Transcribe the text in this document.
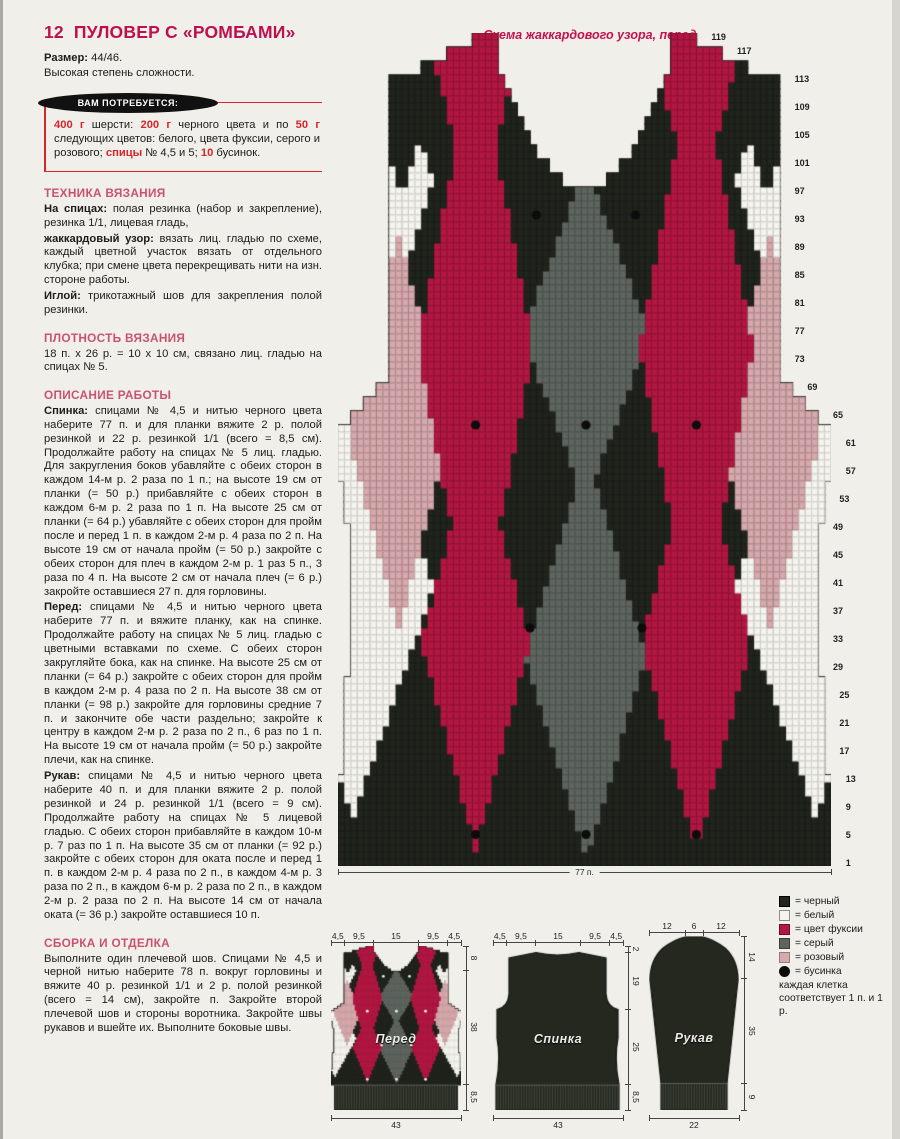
12 ПУЛОВЕР С «РОМБАМИ»

Размер: 44/46.

Высокая степень сложности.

ВАМ ПОТРЕБУЕТСЯ:

400 г шерсти: 200 г черного цвета и по 50 г следующих цветов: белого, цвета фуксии, серого и розового; спицы № 4,5 и 5; 10 бусинок.

ТЕХНИКА ВЯЗАНИЯ

На спицах: полая резинка (набор и закрепление), резинка 1/1, лицевая гладь,

жаккардовый узор: вязать лиц. гладью по схеме, каждый цветной участок вязать от отдельного клубка; при смене цвета перекрещивать нити на изн. стороне работы.

Иглой: трикотажный шов для закрепления полой резинки.

ПЛОТНОСТЬ ВЯЗАНИЯ

18 п. х 26 р. = 10 х 10 см, связано лиц. гладью на спицах № 5.

ОПИСАНИЕ РАБОТЫ

Спинка: спицами № 4,5 и нитью черного цвета наберите 77 п. и для планки вяжите 2 р. полой резинкой и 22 р. резинкой 1/1 (всего = 8,5 см). Продолжайте работу на спицах № 5 лиц. гладью. Для закругления боков убавляйте с обеих сторон в каждом 14-м р. 2 раза по 1 п.; на высоте 19 см от планки (= 50 р.) прибавляйте с обеих сторон в каждом 6-м р. 2 раза по 1 п. На высоте 25 см от планки (= 64 р.) убавляйте с обеих сторон для пройм после и перед 1 п. в каждом 2-м р. 4 раза по 2 п. На высоте 19 см от начала пройм (= 50 р.) закройте с обеих сторон для плеч в каждом 2-м р. 1 раз 5 п., 3 раза по 4 п. На высоте 2 см от начала плеч (= 6 р.) закройте оставшиеся 27 п. для горловины.

Перед: спицами № 4,5 и нитью черного цвета наберите 77 п. и вяжите планку, как на спинке. Продолжайте работу на спицах № 5 лиц. гладью с цветными вставками по схеме. С обеих сторон закругляйте бока, как на спинке. На высоте 25 см от планки (= 64 р.) закройте с обеих сторон для пройм в каждом 2-м р. 4 раза по 2 п. На высоте 38 см от планки (= 98 р.) закройте для горловины средние 7 п. и закончите обе части раздельно; закройте к центру в каждом 2-м р. 2 раза по 2 п., 6 раз по 1 п. На высоте 19 см от начала пройм (= 50 р.) закройте плечи, как на спинке.

Рукав: спицами № 4,5 и нитью черного цвета наберите 40 п. и для планки вяжите 2 р. полой резинкой и 24 р. резинкой 1/1 (всего = 9 см). Продолжайте работу на спицах № 5 лицевой гладью. С обеих сторон прибавляйте в каждом 10-м р. 7 раз по 1 п. На высоте 35 см от планки (= 92 р.) закройте с обеих сторон для оката после и перед 1 п. в каждом 2-м р. 4 раза по 2 п., в каждом 4-м р. 3 раза по 2 п., в каждом 6-м р. 2 раза по 2 п., в каждом 2-м р. 2 раза по 2 п. На высоте 14 см от начала оката (= 36 р.) закройте оставшиеся 10 п.

СБОРКА И ОТДЕЛКА

Выполните один плечевой шов. Спицами № 4,5 и черной нитью наберите 78 п. вокруг горловины и вяжите 40 р. резинкой 1/1 и 2 р. полой резинкой (всего = 14 см), закройте п. Закройте второй плечевой шов и стороны воротника. Закройте швы рукавов и вшейте их. Выполните боковые швы.

119
117
113
109
105
101
97
93
89
85
81
77
73
69
65
61
57
53
49
45
41
37
33
29
25
21
17
13
9
5
1
77 п.
= черный
= белый
= цвет фуксии
= серый
= розовый
= бусинка
каждая клетка соответствует 1 п. и 1 р.
4,5 9,5	15	9,5 4,5
Перед
8
38
8,5
43
4,5 9,5	15	9,5 4,5
Спинка
2
19
25
8,5
43
12 6 12
Рукав
14
35
9
22
